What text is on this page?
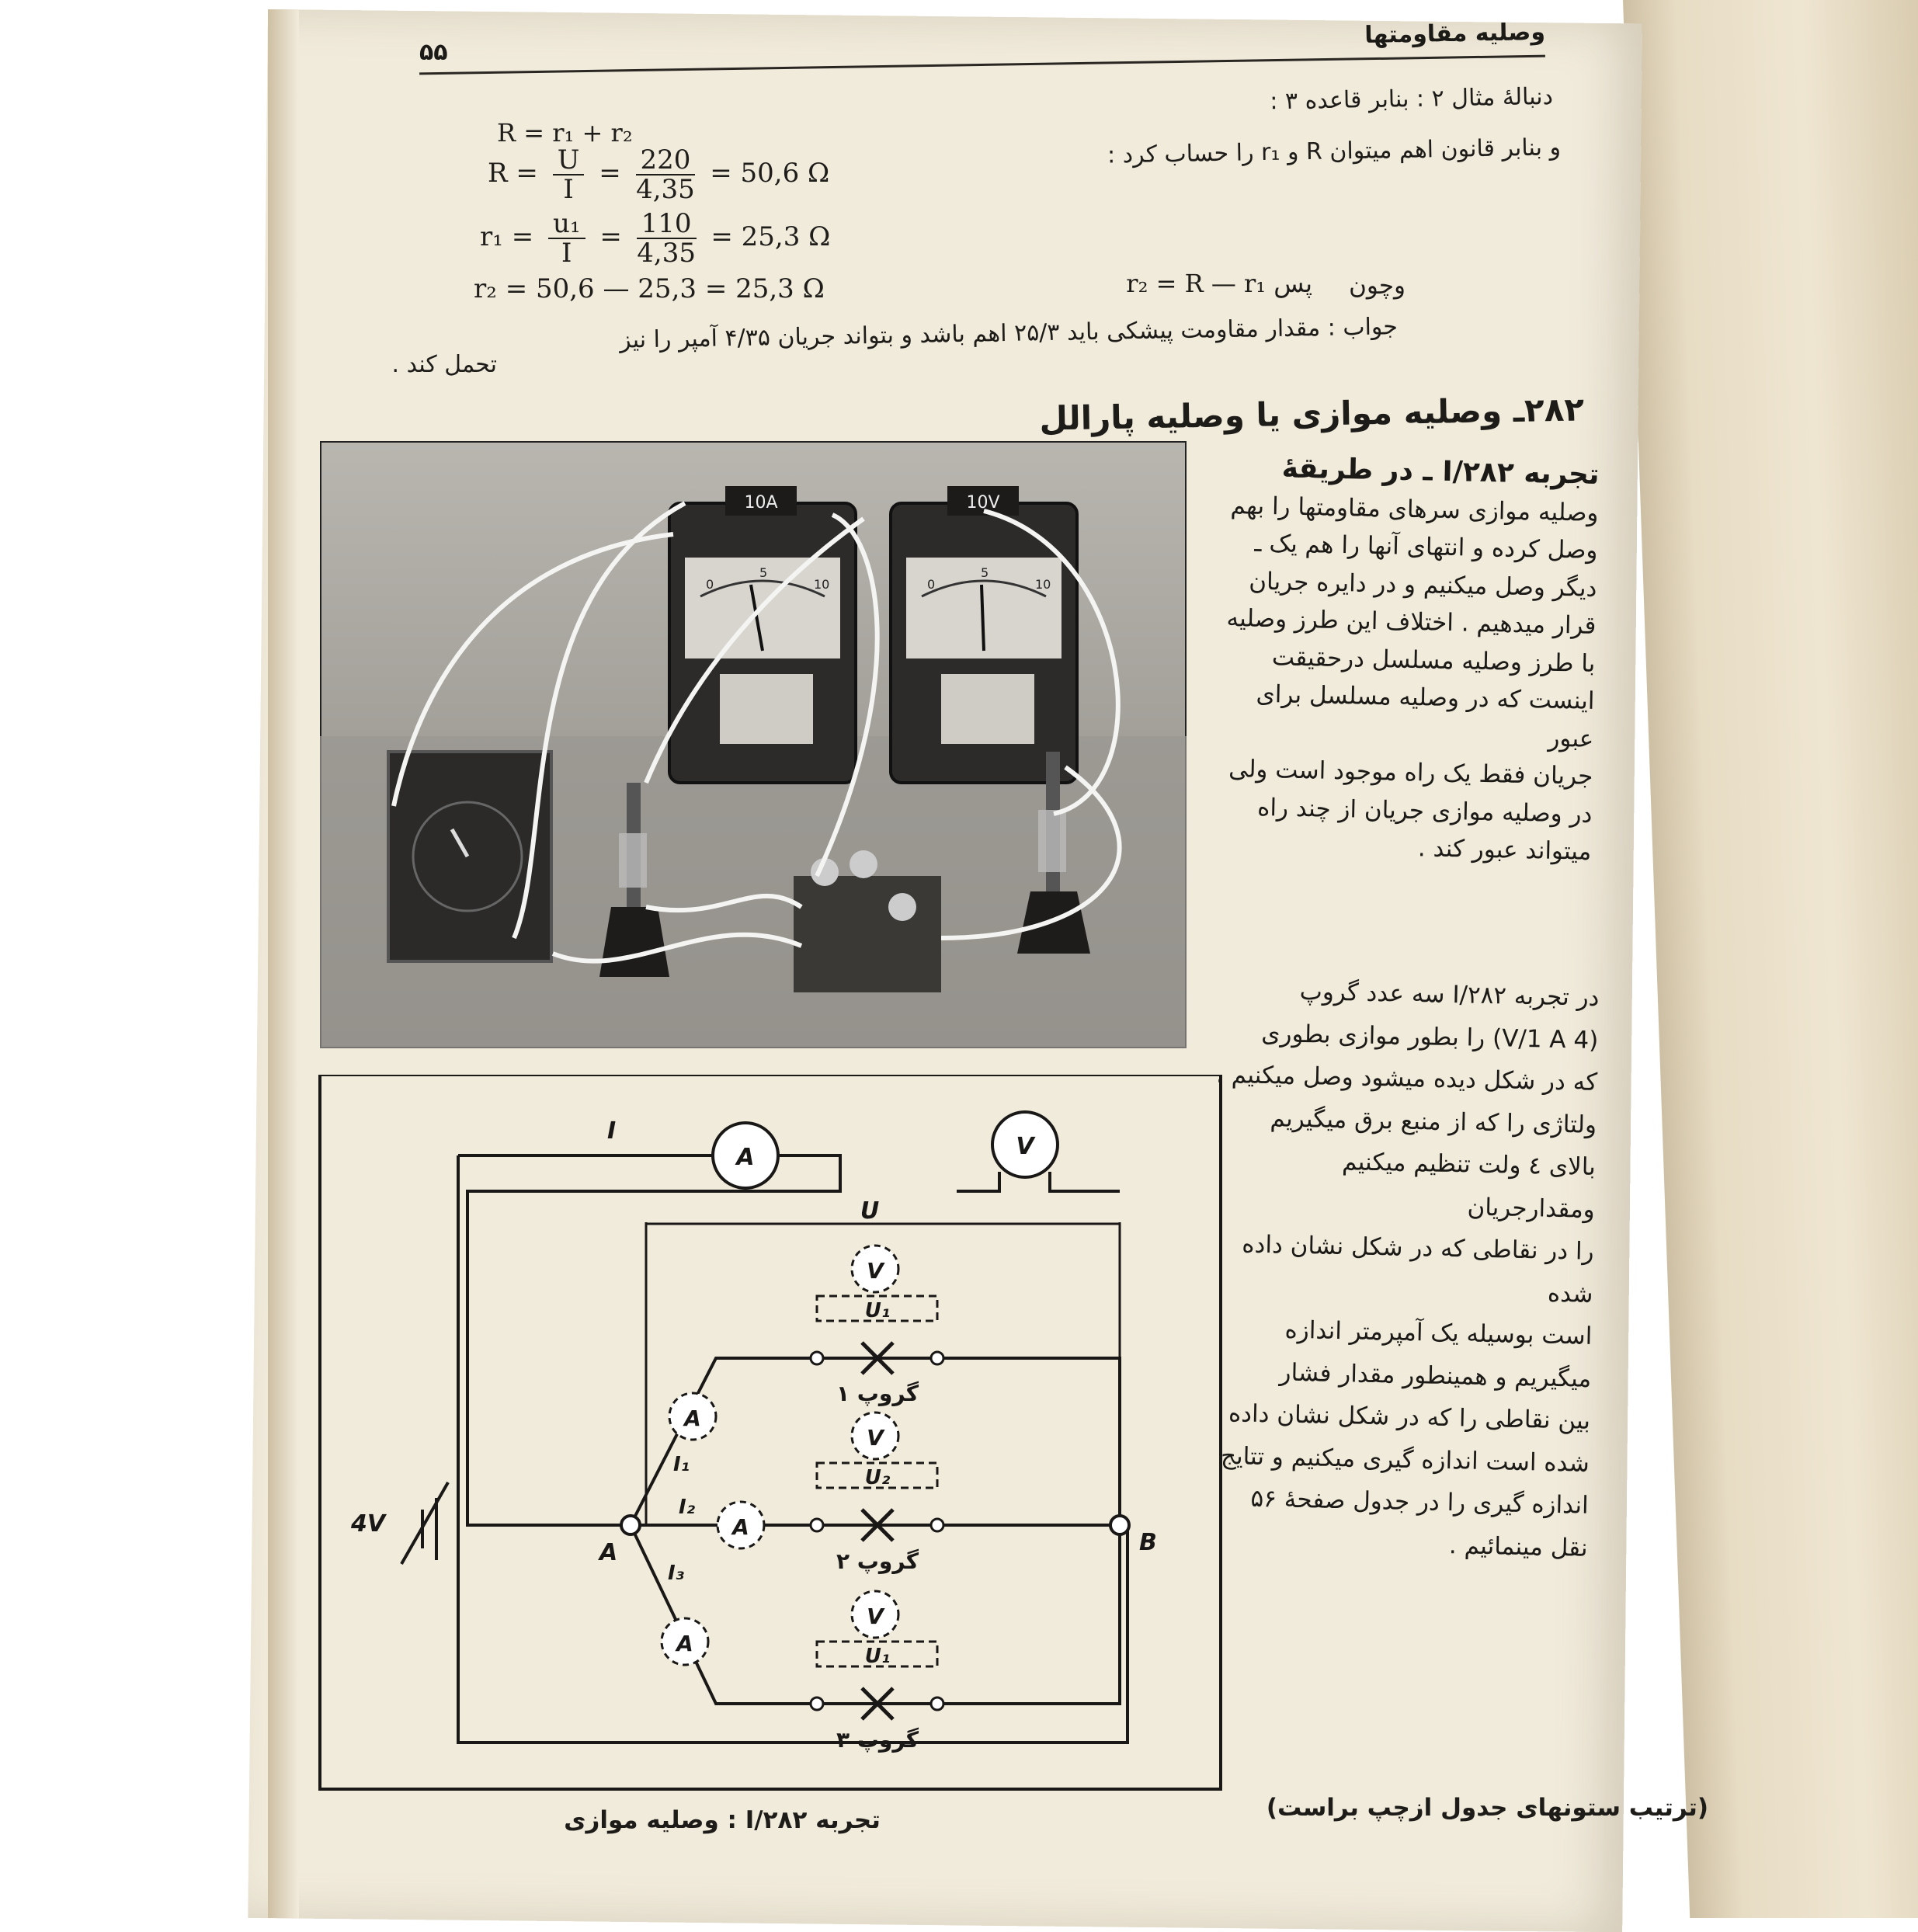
۵۵
وصليه مقاومتها
دنبالهٔ مثال ۲ : بنابر قاعده ۳ :
و بنابر قانون اهم ميتوان R و r₁ را حساب کرد :
R = r₁ + r₂
$R = \frac{U}{I} = \frac{220}{4,35} = 50,6$ Ω
$r_1 = \frac{\text{u₁}}{I} = \frac{110}{4,35} = 25,3$ Ω
r₂ = 50,6 — 25,3 = 25,3 Ω	r₂ = R — r₁ پس	وچون
جواب : مقدار مقاومت پيشکی بايد ۲۵/۳ اهم باشد و بتواند جريان ۴/۳۵ آمپر را نيز
تحمل کند .
۲۸۲ـ وصليه موازی يا وصليه پارالل
10A
0
5
10
10V
0
5
10
تجربه ۲۸۲/I ـ در طريقهٔ
وصليه موازی سرهای مقاومتها را بهم
وصل کرده و انتهای آنها را هم يک ـ
ديگر وصل ميکنيم و در دايره جريان
قرار ميدهيم . اختلاف اين طرز وصليه
با طرز وصليه مسلسل درحقيقت
اينست که در وصليه مسلسل برای عبور
جريان فقط يک راه موجود است ولی
در وصليه موازی جريان از چند راه
ميتواند عبور کند .
در تجربه ۲۸۲/I سه عدد گروپ
(4 V/1 A) را بطور موازی بطوری
که در شکل ديده ميشود وصل ميکنيم .
ولتاژی را که از منبع برق ميگيريم
بالای ٤ ولت تنظيم ميکنيم ومقدارجريان
را در نقاطی که در شکل نشان داده شده
است بوسيله يک آمپرمتر اندازه
ميگيريم و همينطور مقدار فشار
بين نقاطی را که در شکل نشان داده
شده است اندازه گيری ميکنيم و تتايج
اندازه گيری را در جدول صفحهٔ ۵۶
نقل مينمائيم .
(ترتيب ستونهای جدول ازچپ براست)
4V
A
I
V
U
A	B
A
I₁
V
U₁
گروپ ۱
A
I₂
V
U₂
گروپ ۲
A
I₃
V
U₁
گروپ ۳
تجربه ۲۸۲/I : وصليه موازی
